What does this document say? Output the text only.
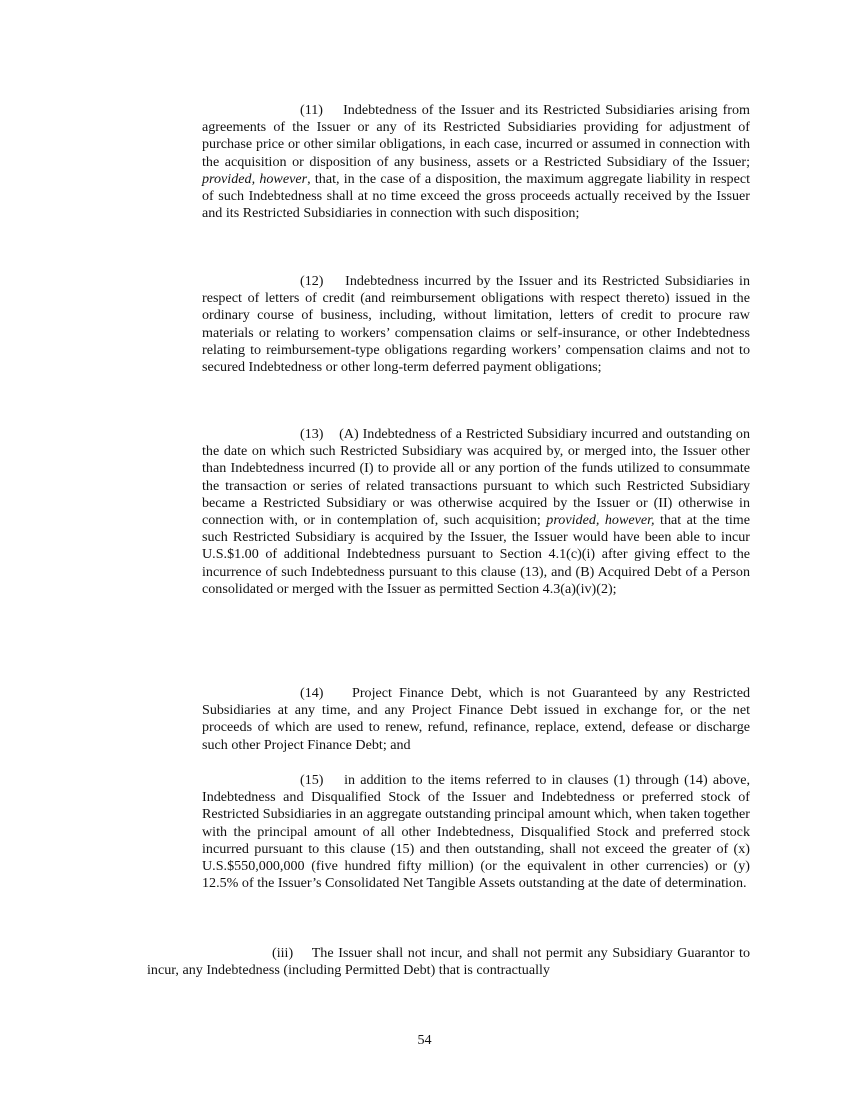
(11) Indebtedness of the Issuer and its Restricted Subsidiaries arising from agreements of the Issuer or any of its Restricted Subsidiaries providing for adjustment of purchase price or other similar obligations, in each case, incurred or assumed in connection with the acquisition or disposition of any business, assets or a Restricted Subsidiary of the Issuer; provided, however, that, in the case of a disposition, the maximum aggregate liability in respect of such Indebtedness shall at no time exceed the gross proceeds actually received by the Issuer and its Restricted Subsidiaries in connection with such disposition;

(12) Indebtedness incurred by the Issuer and its Restricted Subsidiaries in respect of letters of credit (and reimbursement obligations with respect thereto) issued in the ordinary course of business, including, without limitation, letters of credit to procure raw materials or relating to workers’ compensation claims or self-insurance, or other Indebtedness relating to reimbursement-type obligations regarding workers’ compensation claims and not to secured Indebtedness or other long-term deferred payment obligations;

(13) (A) Indebtedness of a Restricted Subsidiary incurred and outstanding on the date on which such Restricted Subsidiary was acquired by, or merged into, the Issuer other than Indebtedness incurred (I) to provide all or any portion of the funds utilized to consummate the transaction or series of related transactions pursuant to which such Restricted Subsidiary became a Restricted Subsidiary or was otherwise acquired by the Issuer or (II) otherwise in connection with, or in contemplation of, such acquisition; provided, however, that at the time such Restricted Subsidiary is acquired by the Issuer, the Issuer would have been able to incur U.S.$1.00 of additional Indebtedness pursuant to Section 4.1(c)(i) after giving effect to the incurrence of such Indebtedness pursuant to this clause (13), and (B) Acquired Debt of a Person consolidated or merged with the Issuer as permitted Section 4.3(a)(iv)(2);

(14) Project Finance Debt, which is not Guaranteed by any Restricted Subsidiaries at any time, and any Project Finance Debt issued in exchange for, or the net proceeds of which are used to renew, refund, refinance, replace, extend, defease or discharge such other Project Finance Debt; and

(15) in addition to the items referred to in clauses (1) through (14) above, Indebtedness and Disqualified Stock of the Issuer and Indebtedness or preferred stock of Restricted Subsidiaries in an aggregate outstanding principal amount which, when taken together with the principal amount of all other Indebtedness, Disqualified Stock and preferred stock incurred pursuant to this clause (15) and then outstanding, shall not exceed the greater of (x) U.S.$550,000,000 (five hundred fifty million) (or the equivalent in other currencies) or (y) 12.5% of the Issuer’s Consolidated Net Tangible Assets outstanding at the date of determination.

(iii) The Issuer shall not incur, and shall not permit any Subsidiary Guarantor to incur, any Indebtedness (including Permitted Debt) that is contractually

54
